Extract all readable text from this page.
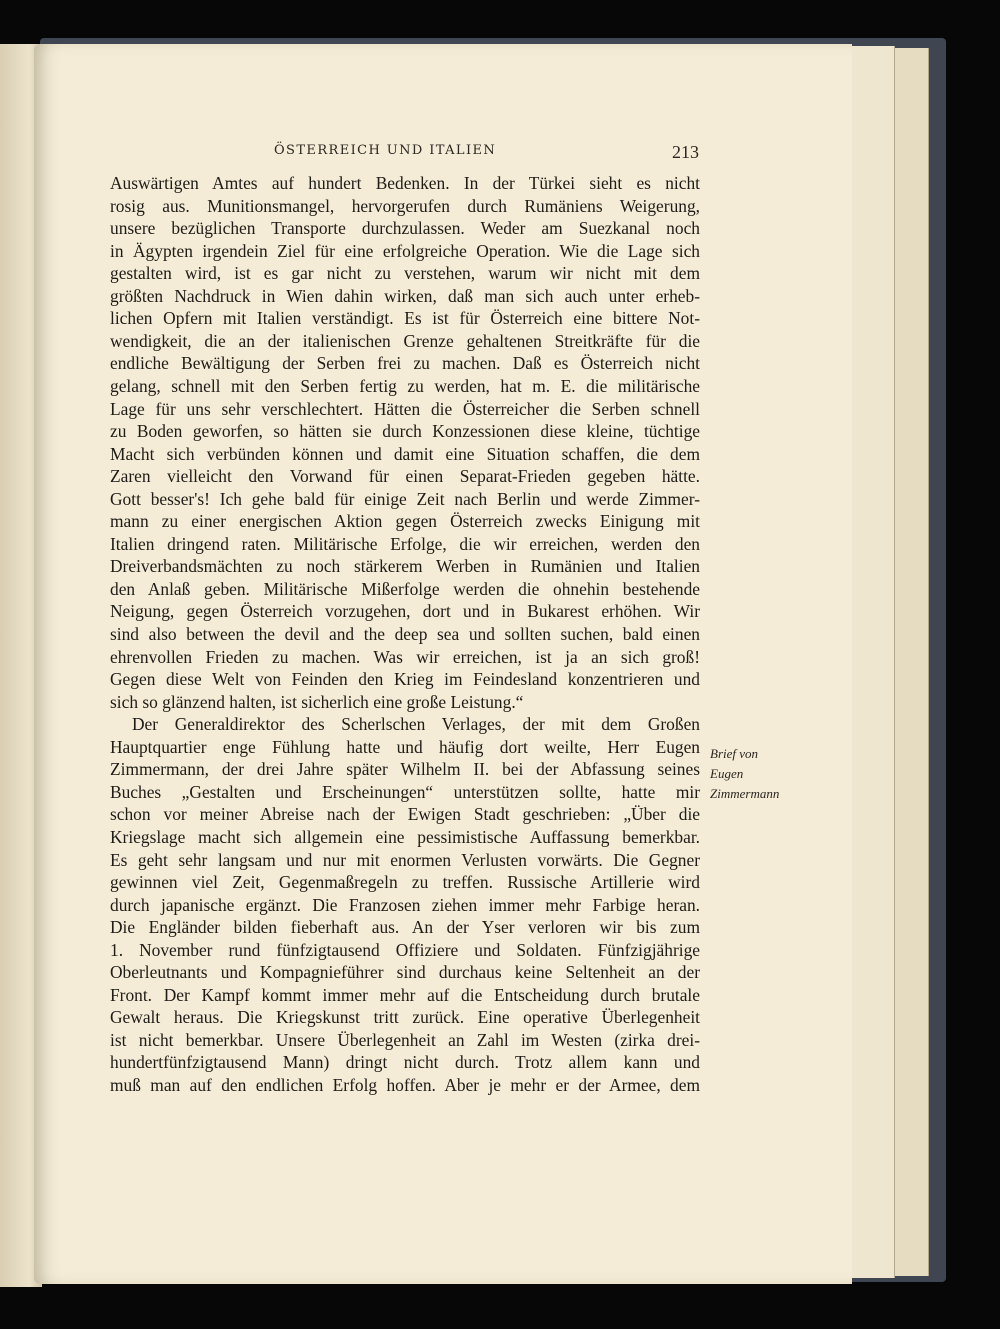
ÖSTERREICH UND ITALIEN	213
Auswärtigen Amtes auf hundert Bedenken. In der Türkei sieht es nicht
rosig aus. Munitionsmangel, hervorgerufen durch Rumäniens Weigerung,
unsere bezüglichen Transporte durchzulassen. Weder am Suezkanal noch
in Ägypten irgendein Ziel für eine erfolgreiche Operation. Wie die Lage sich
gestalten wird, ist es gar nicht zu verstehen, warum wir nicht mit dem
größten Nachdruck in Wien dahin wirken, daß man sich auch unter erheb-
lichen Opfern mit Italien verständigt. Es ist für Österreich eine bittere Not-
wendigkeit, die an der italienischen Grenze gehaltenen Streitkräfte für die
endliche Bewältigung der Serben frei zu machen. Daß es Österreich nicht
gelang, schnell mit den Serben fertig zu werden, hat m. E. die militärische
Lage für uns sehr verschlechtert. Hätten die Österreicher die Serben schnell
zu Boden geworfen, so hätten sie durch Konzessionen diese kleine, tüchtige
Macht sich verbünden können und damit eine Situation schaffen, die dem
Zaren vielleicht den Vorwand für einen Separat-Frieden gegeben hätte.
Gott besser's! Ich gehe bald für einige Zeit nach Berlin und werde Zimmer-
mann zu einer energischen Aktion gegen Österreich zwecks Einigung mit
Italien dringend raten. Militärische Erfolge, die wir erreichen, werden den
Dreiverbandsmächten zu noch stärkerem Werben in Rumänien und Italien
den Anlaß geben. Militärische Mißerfolge werden die ohnehin bestehende
Neigung, gegen Österreich vorzugehen, dort und in Bukarest erhöhen. Wir
sind also between the devil and the deep sea und sollten suchen, bald einen
ehrenvollen Frieden zu machen. Was wir erreichen, ist ja an sich groß!
Gegen diese Welt von Feinden den Krieg im Feindesland konzentrieren und
sich so glänzend halten, ist sicherlich eine große Leistung.“
Der Generaldirektor des Scherlschen Verlages, der mit dem Großen
Hauptquartier enge Fühlung hatte und häufig dort weilte, Herr Eugen
Zimmermann, der drei Jahre später Wilhelm II. bei der Abfassung seines
Buches „Gestalten und Erscheinungen“ unterstützen sollte, hatte mir
schon vor meiner Abreise nach der Ewigen Stadt geschrieben: „Über die
Kriegslage macht sich allgemein eine pessimistische Auffassung bemerkbar.
Es geht sehr langsam und nur mit enormen Verlusten vorwärts. Die Gegner
gewinnen viel Zeit, Gegenmaßregeln zu treffen. Russische Artillerie wird
durch japanische ergänzt. Die Franzosen ziehen immer mehr Farbige heran.
Die Engländer bilden fieberhaft aus. An der Yser verloren wir bis zum
1. November rund fünfzigtausend Offiziere und Soldaten. Fünfzigjährige
Oberleutnants und Kompagnieführer sind durchaus keine Seltenheit an der
Front. Der Kampf kommt immer mehr auf die Entscheidung durch brutale
Gewalt heraus. Die Kriegskunst tritt zurück. Eine operative Überlegenheit
ist nicht bemerkbar. Unsere Überlegenheit an Zahl im Westen (zirka drei-
hundertfünfzigtausend Mann) dringt nicht durch. Trotz allem kann und
muß man auf den endlichen Erfolg hoffen. Aber je mehr er der Armee, dem
Brief von
Eugen
Zimmermann
